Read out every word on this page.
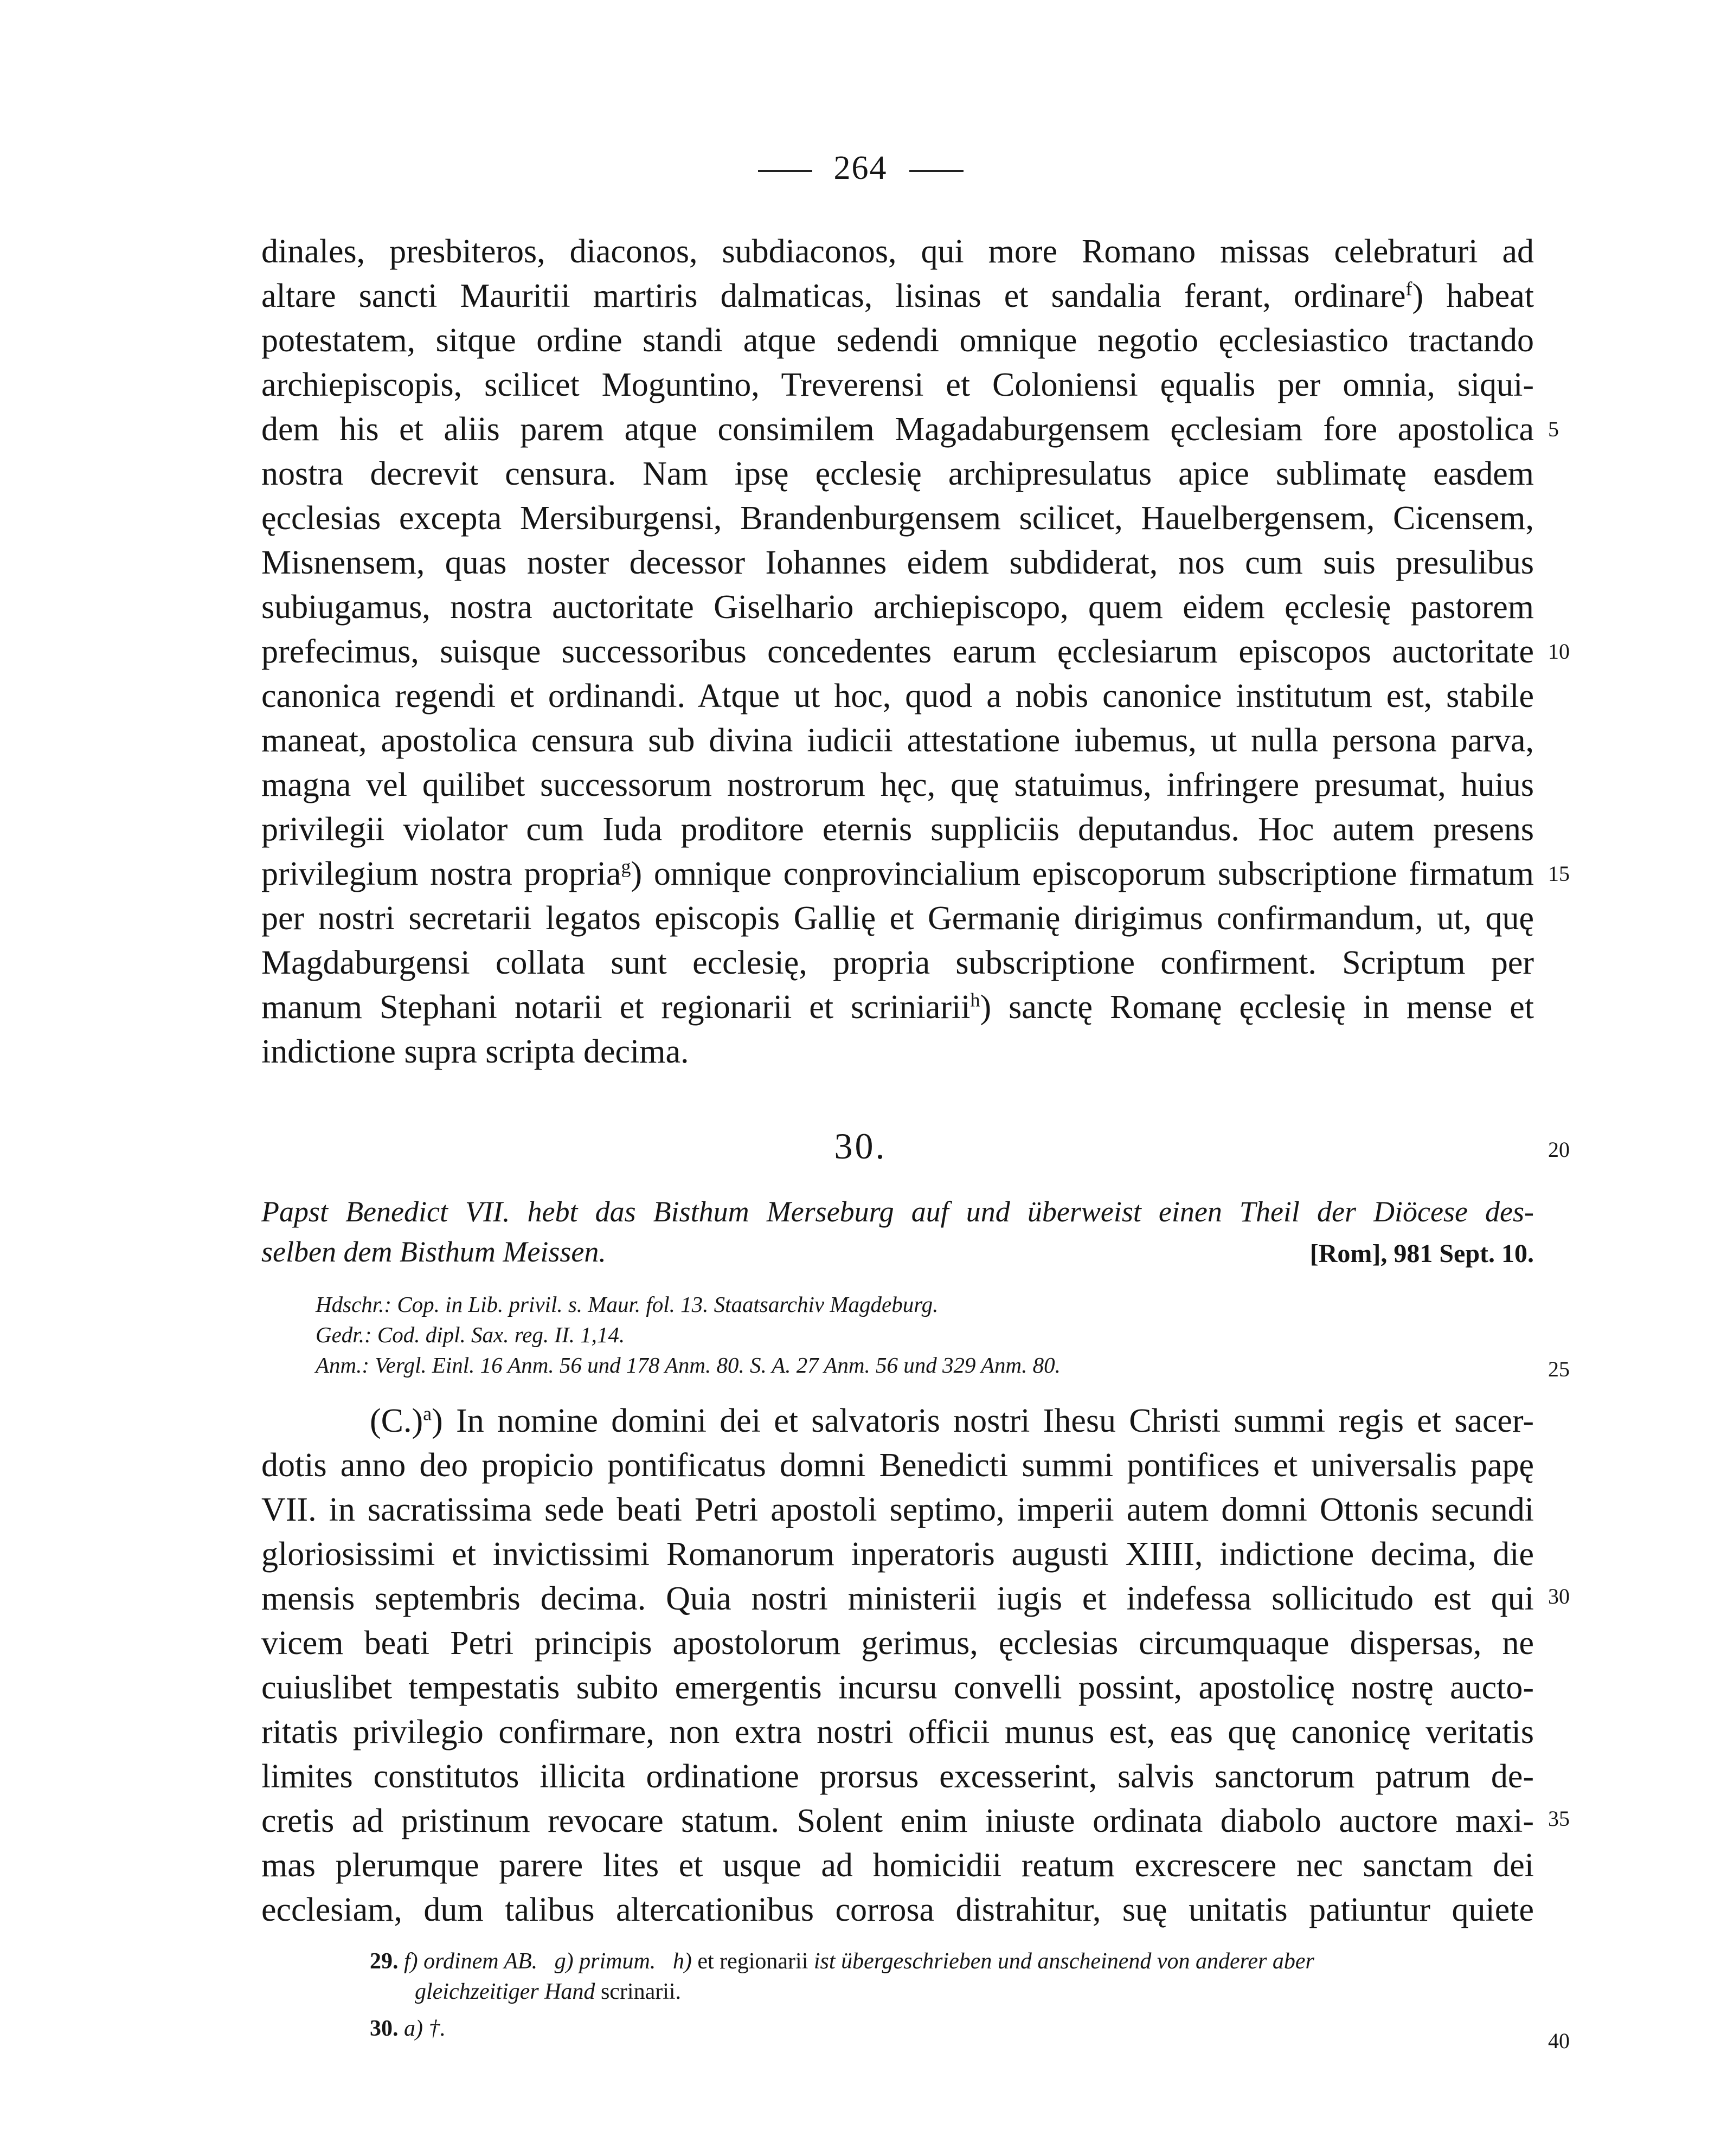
264
dinales, presbiteros, diaconos, subdiaconos, qui more Romano missas celebraturi ad
altare sancti Mauritii martiris dalmaticas, lisinas et sandalia ferant, ordinare$^f$) habeat
potestatem, sitque ordine standi atque sedendi omnique negotio ęcclesiastico tractando
archiepiscopis, scilicet Moguntino, Treverensi et Coloniensi ęqualis per omnia, siqui-
dem his et aliis parem atque consimilem Magadaburgensem ęcclesiam fore apostolica
nostra decrevit censura. Nam ipsę ęcclesię archipresulatus apice sublimatę easdem
ęcclesias excepta Mersiburgensi, Brandenburgensem scilicet, Hauelbergensem, Cicensem,
Misnensem, quas noster decessor Iohannes eidem subdiderat, nos cum suis presulibus
subiugamus, nostra auctoritate Giselhario archiepiscopo, quem eidem ęcclesię pastorem
prefecimus, suisque successoribus concedentes earum ęcclesiarum episcopos auctoritate
canonica regendi et ordinandi. Atque ut hoc, quod a nobis canonice institutum est, stabile
maneat, apostolica censura sub divina iudicii attestatione iubemus, ut nulla persona parva,
magna vel quilibet successorum nostrorum hęc, quę statuimus, infringere presumat, huius
privilegii violator cum Iuda proditore eternis suppliciis deputandus. Hoc autem presens
privilegium nostra propria$^g$) omnique conprovincialium episcoporum subscriptione firmatum
per nostri secretarii legatos episcopis Gallię et Germanię dirigimus confirmandum, ut, quę
Magdaburgensi collata sunt ecclesię, propria subscriptione confirment. Scriptum per
manum Stephani notarii et regionarii et scriniarii$^h$) sanctę Romanę ęcclesię in mense et
indictione supra scripta decima.
5
10
15
20
25
30
35
40
30.
Papst Benedict VII. hebt das Bisthum Merseburg auf und überweist einen Theil der Diöcese des-
selben dem Bisthum Meissen.	[Rom], 981 Sept. 10.
Hdschr.: Cop. in Lib. privil. s. Maur. fol. 13. Staatsarchiv Magdeburg.
Gedr.: Cod. dipl. Sax. reg. II. 1,14.
Anm.: Vergl. Einl. 16 Anm. 56 und 178 Anm. 80. S. A. 27 Anm. 56 und 329 Anm. 80.
$(C.)^a$) In nomine domini dei et salvatoris nostri Ihesu Christi summi regis et sacer-
dotis anno deo propicio pontificatus domni Benedicti summi pontifices et universalis papę
VII. in sacratissima sede beati Petri apostoli septimo, imperii autem domni Ottonis secundi
gloriosissimi et invictissimi Romanorum inperatoris augusti XIIII, indictione decima, die
mensis septembris decima. Quia nostri ministerii iugis et indefessa sollicitudo est qui
vicem beati Petri principis apostolorum gerimus, ęcclesias circumquaque dispersas, ne
cuiuslibet tempestatis subito emergentis incursu convelli possint, apostolicę nostrę aucto-
ritatis privilegio confirmare, non extra nostri officii munus est, eas quę canonicę veritatis
limites constitutos illicita ordinatione prorsus excesserint, salvis sanctorum patrum de-
cretis ad pristinum revocare statum. Solent enim iniuste ordinata diabolo auctore maxi-
mas plerumque parere lites et usque ad homicidii reatum excrescere nec sanctam dei
ecclesiam, dum talibus altercationibus corrosa distrahitur, suę unitatis patiuntur quiete
29. f) ordinem AB. g) primum. h) et regionarii ist übergeschrieben und anscheinend von anderer aber
gleichzeitiger Hand scrinarii.
30. a) †.
